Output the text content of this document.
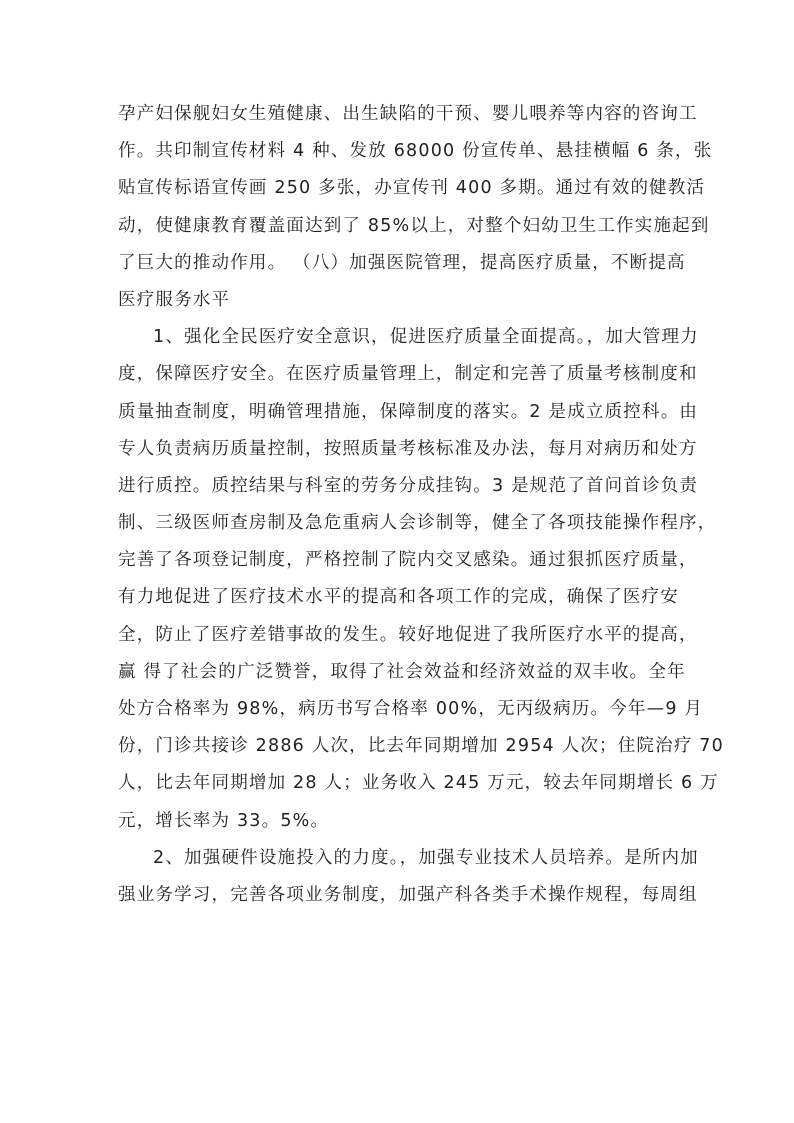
孕产妇保舰妇女生殖健康、出生缺陷的干预、婴儿喂养等内容的咨询工
作。共印制宣传材料 4 种、发放 68000 份宣传单、悬挂横幅 6 条，张
贴宣传标语宣传画 250 多张，办宣传刊 400 多期。通过有效的健教活
动，使健康教育覆盖面达到了 85%以上，对整个妇幼卫生工作实施起到
了巨大的推动作用。 （八）加强医院管理，提高医疗质量，不断提高
医疗服务水平
1、强化全民医疗安全意识，促进医疗质量全面提高。，加大管理力
度，保障医疗安全。在医疗质量管理上，制定和完善了质量考核制度和
质量抽查制度，明确管理措施，保障制度的落实。2 是成立质控科。由
专人负责病历质量控制，按照质量考核标准及办法，每月对病历和处方
进行质控。质控结果与科室的劳务分成挂钩。3 是规范了首问首诊负责
制、三级医师查房制及急危重病人会诊制等，健全了各项技能操作程序，
完善了各项登记制度，严格控制了院内交叉感染。通过狠抓医疗质量，
有力地促进了医疗技术水平的提高和各项工作的完成，确保了医疗安
全，防止了医疗差错事故的发生。较好地促进了我所医疗水平的提高，
赢 得了社会的广泛赞誉，取得了社会效益和经济效益的双丰收。全年
处方合格率为 98%，病历书写合格率 00%，无丙级病历。今年—9 月
份，门诊共接诊 2886 人次，比去年同期增加 2954 人次；住院治疗 70
人，比去年同期增加 28 人；业务收入 245 万元，较去年同期增长 6 万
元，增长率为 33。5%。
2、加强硬件设施投入的力度。，加强专业技术人员培养。是所内加
强业务学习，完善各项业务制度，加强产科各类手术操作规程，每周组
